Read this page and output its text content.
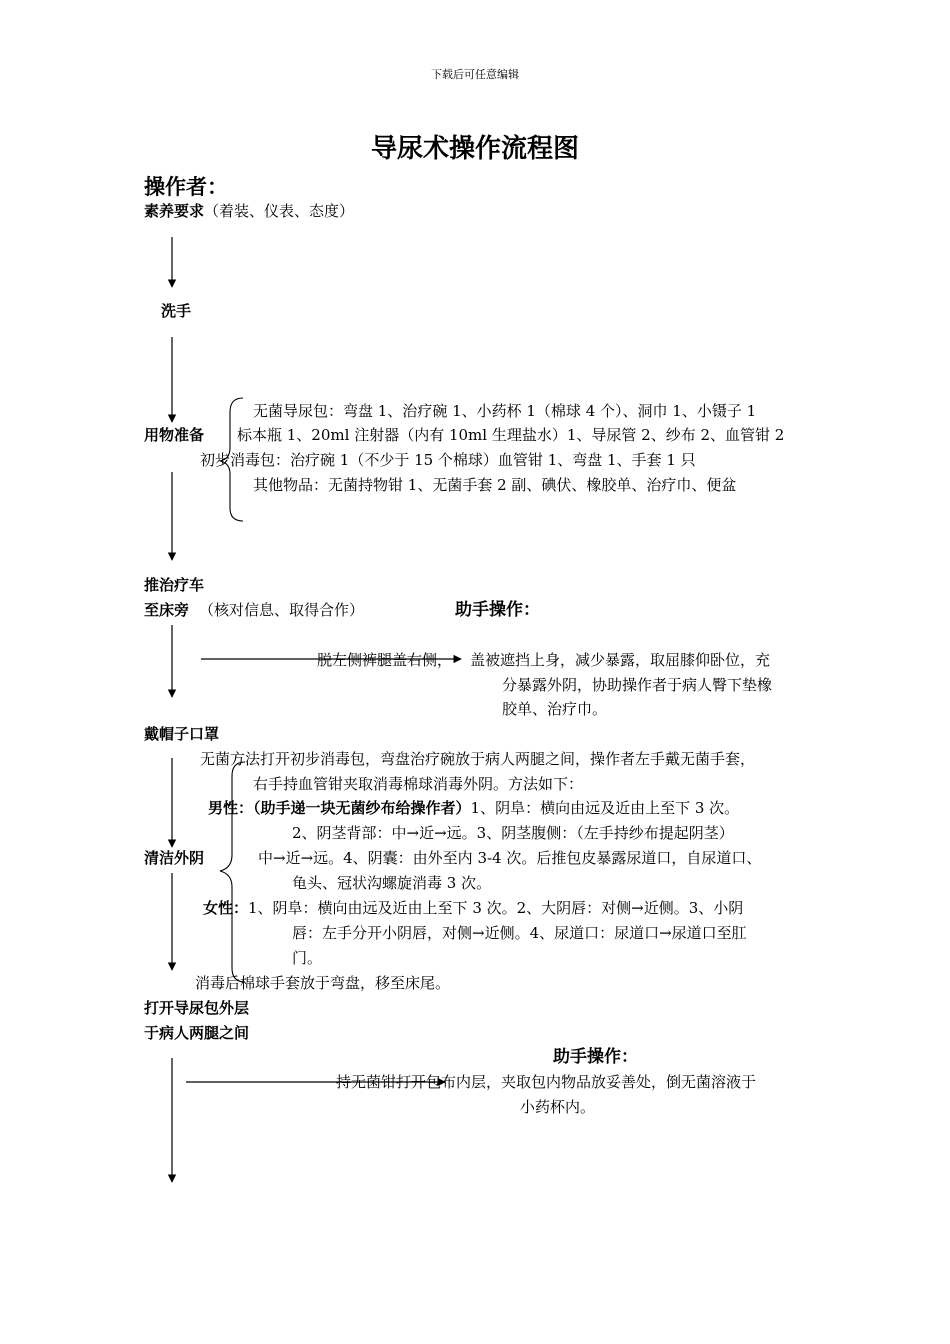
下载后可任意编辑
导尿术操作流程图
操作者：
素养要求（着装、仪表、态度）
洗手
用物准备
无菌导尿包：弯盘 1、治疗碗 1、小药杯 1（棉球 4 个）、洞巾 1、小镊子 1
标本瓶 1、20ml 注射器（内有 10ml 生理盐水）1、导尿管 2、纱布 2、血管钳 2
初步消毒包：治疗碗 1（不少于 15 个棉球）血管钳 1、弯盘 1、手套 1 只
其他物品：无菌持物钳 1、无菌手套 2 副、碘伏、橡胶单、治疗巾、便盆
推治疗车
至床旁 （核对信息、取得合作）	助手操作：
脱左侧裤腿盖右侧， 盖被遮挡上身，减少暴露，取屈膝仰卧位，充
分暴露外阴，协助操作者于病人臀下垫橡
胶单、治疗巾。
戴帽子口罩
无菌方法打开初步消毒包，弯盘治疗碗放于病人两腿之间，操作者左手戴无菌手套，
右手持血管钳夹取消毒棉球消毒外阴。方法如下：
男性：（助手递一块无菌纱布给操作者）1、阴阜：横向由远及近由上至下 3 次。
2、阴茎背部：中→近→远。3、阴茎腹侧：（左手持纱布提起阴茎）
清洁外阴	中→近→远。4、阴囊：由外至内 3-4 次。后推包皮暴露尿道口，自尿道口、
龟头、冠状沟螺旋消毒 3 次。
女性：1、阴阜：横向由远及近由上至下 3 次。2、大阴唇：对侧→近侧。3、小阴
唇：左手分开小阴唇，对侧→近侧。4、尿道口：尿道口→尿道口至肛
门。
消毒后棉球手套放于弯盘，移至床尾。
打开导尿包外层
于病人两腿之间
助手操作：
持无菌钳打开包布内层，夹取包内物品放妥善处，倒无菌溶液于
小药杯内。
